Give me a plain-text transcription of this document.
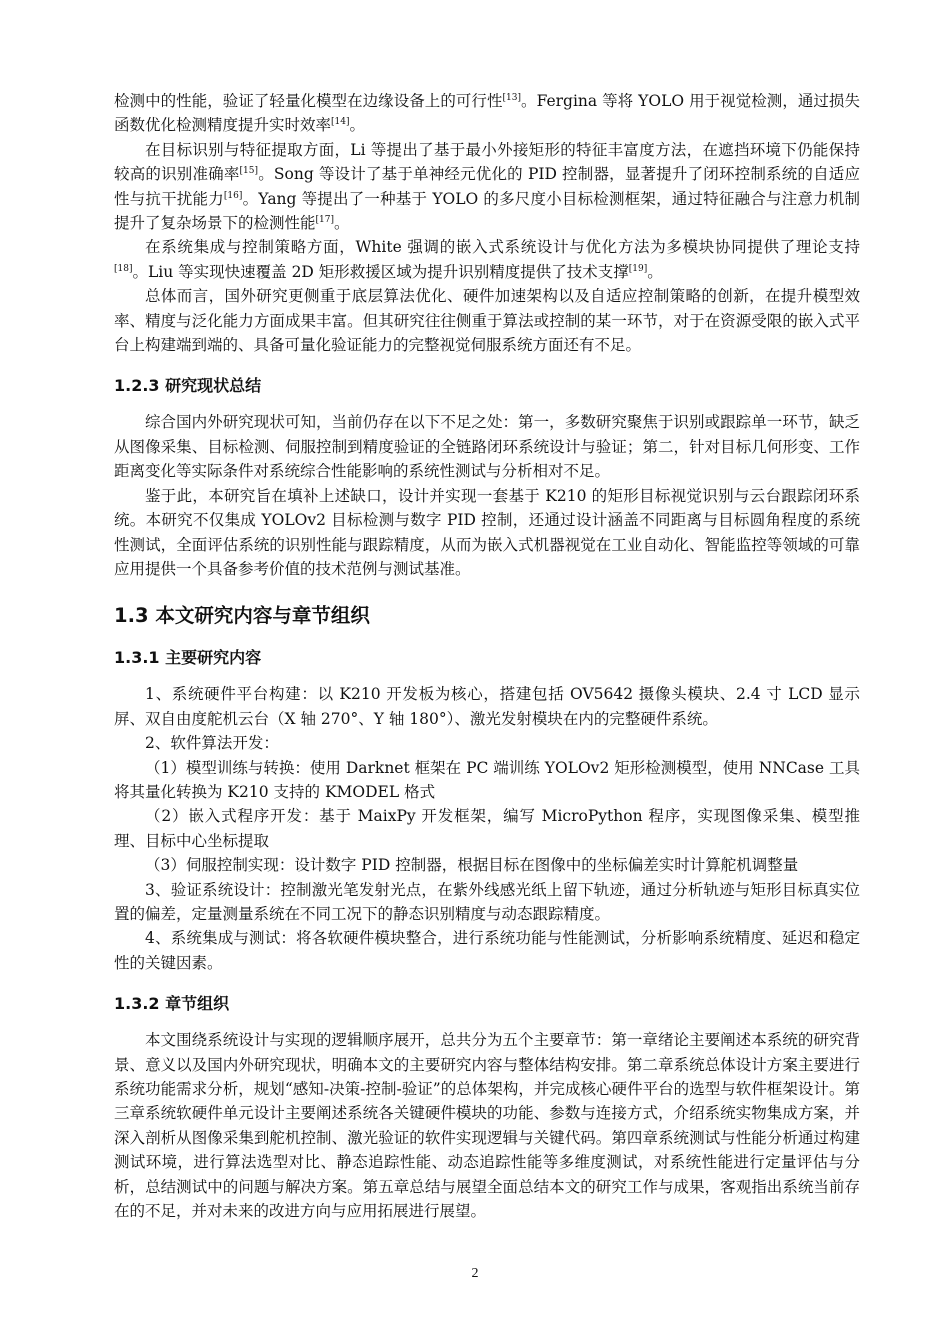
检测中的性能，验证了轻量化模型在边缘设备上的可行性[13]。Fergina 等将 YOLO 用于视觉检测，通过损失函数优化检测精度提升实时效率[14]。

在目标识别与特征提取方面，Li 等提出了基于最小外接矩形的特征丰富度方法，在遮挡环境下仍能保持较高的识别准确率[15]。Song 等设计了基于单神经元优化的 PID 控制器，显著提升了闭环控制系统的自适应性与抗干扰能力[16]。Yang 等提出了一种基于 YOLO 的多尺度小目标检测框架，通过特征融合与注意力机制提升了复杂场景下的检测性能[17]。

在系统集成与控制策略方面，White 强调的嵌入式系统设计与优化方法为多模块协同提供了理论支持[18]。Liu 等实现快速覆盖 2D 矩形救援区域为提升识别精度提供了技术支撑[19]。

总体而言，国外研究更侧重于底层算法优化、硬件加速架构以及自适应控制策略的创新，在提升模型效率、精度与泛化能力方面成果丰富。但其研究往往侧重于算法或控制的某一环节，对于在资源受限的嵌入式平台上构建端到端的、具备可量化验证能力的完整视觉伺服系统方面还有不足。

1.2.3 研究现状总结

综合国内外研究现状可知，当前仍存在以下不足之处：第一，多数研究聚焦于识别或跟踪单一环节，缺乏从图像采集、目标检测、伺服控制到精度验证的全链路闭环系统设计与验证；第二，针对目标几何形变、工作距离变化等实际条件对系统综合性能影响的系统性测试与分析相对不足。

鉴于此，本研究旨在填补上述缺口，设计并实现一套基于 K210 的矩形目标视觉识别与云台跟踪闭环系统。本研究不仅集成 YOLOv2 目标检测与数字 PID 控制，还通过设计涵盖不同距离与目标圆角程度的系统性测试，全面评估系统的识别性能与跟踪精度，从而为嵌入式机器视觉在工业自动化、智能监控等领域的可靠应用提供一个具备参考价值的技术范例与测试基准。

1.3 本文研究内容与章节组织
1.3.1 主要研究内容

1、系统硬件平台构建：以 K210 开发板为核心，搭建包括 OV5642 摄像头模块、2.4 寸 LCD 显示屏、双自由度舵机云台（X 轴 270°、Y 轴 180°）、激光发射模块在内的完整硬件系统。

2、软件算法开发：

（1）模型训练与转换：使用 Darknet 框架在 PC 端训练 YOLOv2 矩形检测模型，使用 NNCase 工具将其量化转换为 K210 支持的 KMODEL 格式

（2）嵌入式程序开发：基于 MaixPy 开发框架，编写 MicroPython 程序，实现图像采集、模型推理、目标中心坐标提取

（3）伺服控制实现：设计数字 PID 控制器，根据目标在图像中的坐标偏差实时计算舵机调整量

3、验证系统设计：控制激光笔发射光点，在紫外线感光纸上留下轨迹，通过分析轨迹与矩形目标真实位置的偏差，定量测量系统在不同工况下的静态识别精度与动态跟踪精度。

4、系统集成与测试：将各软硬件模块整合，进行系统功能与性能测试，分析影响系统精度、延迟和稳定性的关键因素。

1.3.2 章节组织

本文围绕系统设计与实现的逻辑顺序展开，总共分为五个主要章节：第一章绪论主要阐述本系统的研究背景、意义以及国内外研究现状，明确本文的主要研究内容与整体结构安排。第二章系统总体设计方案主要进行系统功能需求分析，规划“感知-决策-控制-验证”的总体架构，并完成核心硬件平台的选型与软件框架设计。第三章系统软硬件单元设计主要阐述系统各关键硬件模块的功能、参数与连接方式，介绍系统实物集成方案，并深入剖析从图像采集到舵机控制、激光验证的软件实现逻辑与关键代码。第四章系统测试与性能分析通过构建测试环境，进行算法选型对比、静态追踪性能、动态追踪性能等多维度测试，对系统性能进行定量评估与分析，总结测试中的问题与解决方案。第五章总结与展望全面总结本文的研究工作与成果，客观指出系统当前存在的不足，并对未来的改进方向与应用拓展进行展望。

2
